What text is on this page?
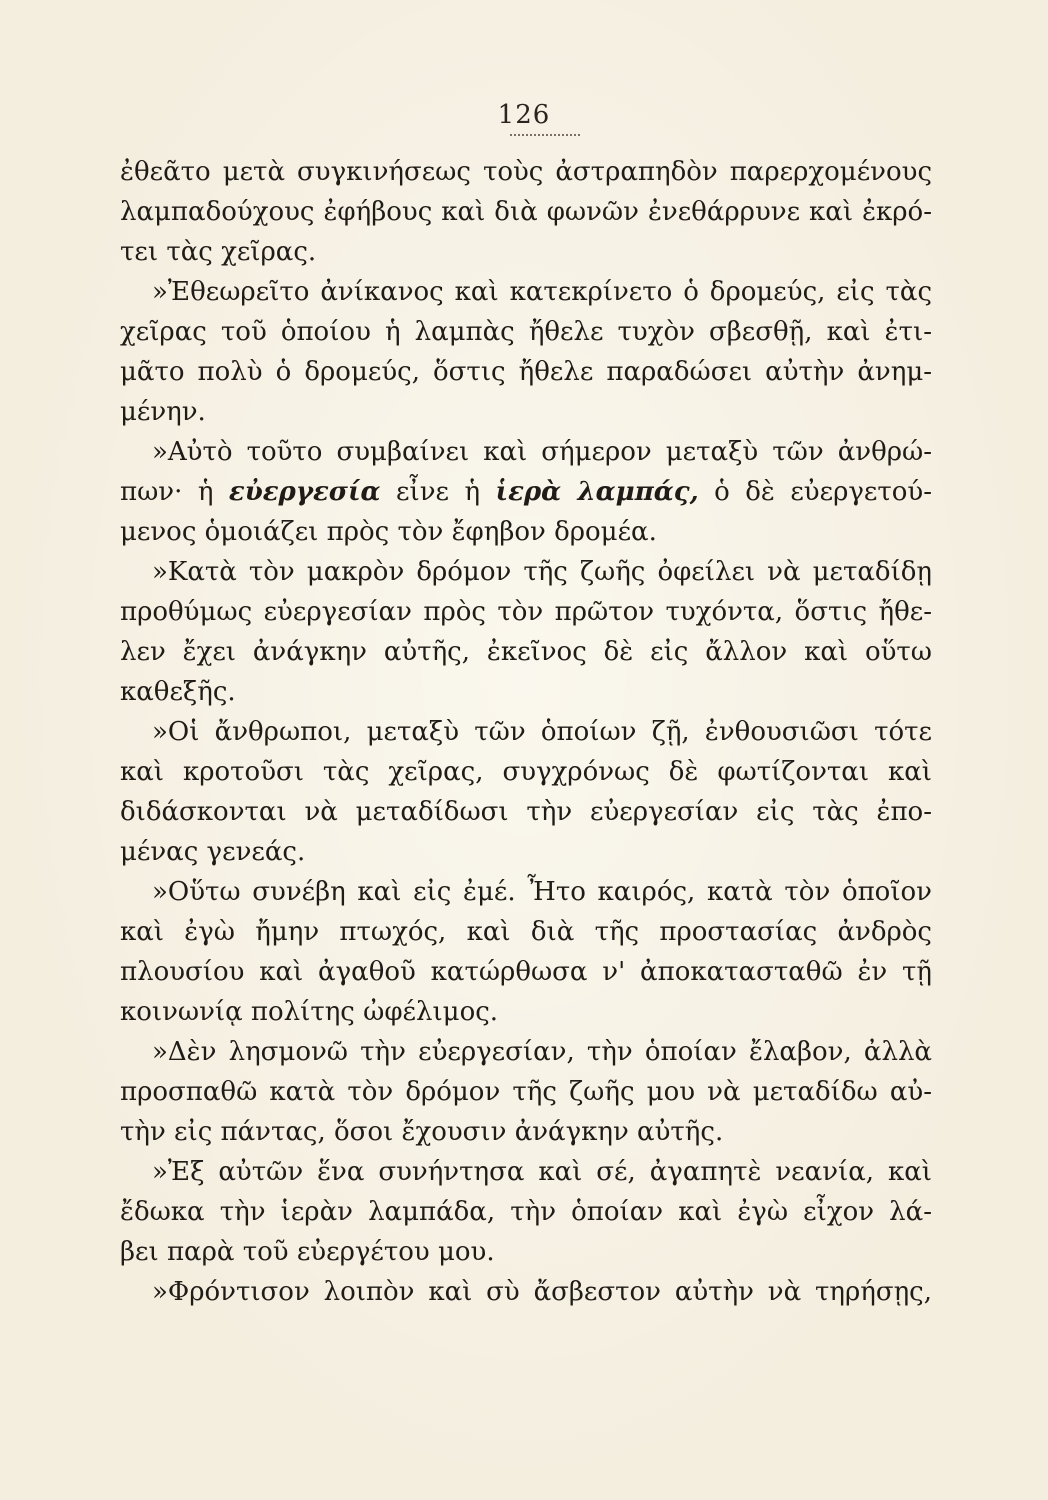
126
ἐθεᾶτο μετὰ συγκινήσεως τοὺς ἀστραπηδὸν παρερχομένους
λαμπαδούχους ἐφήβους καὶ διὰ φωνῶν ἐνεθάρρυνε καὶ ἐκρό-
τει τὰς χεῖρας.
»Ἐθεωρεῖτο ἀνίκανος καὶ κατεκρίνετο ὁ δρομεύς, εἰς τὰς
χεῖρας τοῦ ὁποίου ἡ λαμπὰς ἤθελε τυχὸν σβεσθῇ, καὶ ἐτι-
μᾶτο πολὺ ὁ δρομεύς, ὅστις ἤθελε παραδώσει αὐτὴν ἀνημ-
μένην.
»Αὐτὸ τοῦτο συμβαίνει καὶ σήμερον μεταξὺ τῶν ἀνθρώ-
πων· ἡ εὐεργεσία εἶνε ἡ ἱερὰ λαμπάς, ὁ δὲ εὐεργετού-
μενος ὁμοιάζει πρὸς τὸν ἔφηβον δρομέα.
»Κατὰ τὸν μακρὸν δρόμον τῆς ζωῆς ὀφείλει νὰ μεταδίδῃ
προθύμως εὐεργεσίαν πρὸς τὸν πρῶτον τυχόντα, ὅστις ἤθε-
λεν ἔχει ἀνάγκην αὐτῆς, ἐκεῖνος δὲ εἰς ἄλλον καὶ οὕτω
καθεξῆς.
»Οἱ ἄνθρωποι, μεταξὺ τῶν ὁποίων ζῇ, ἐνθουσιῶσι τότε
καὶ κροτοῦσι τὰς χεῖρας, συγχρόνως δὲ φωτίζονται καὶ
διδάσκονται νὰ μεταδίδωσι τὴν εὐεργεσίαν εἰς τὰς ἐπο-
μένας γενεάς.
»Οὕτω συνέβη καὶ εἰς ἐμέ. Ἦτο καιρός, κατὰ τὸν ὁποῖον
καὶ ἐγὼ ἤμην πτωχός, καὶ διὰ τῆς προστασίας ἀνδρὸς
πλουσίου καὶ ἀγαθοῦ κατώρθωσα ν' ἀποκατασταθῶ ἐν τῇ
κοινωνίᾳ πολίτης ὠφέλιμος.
»Δὲν λησμονῶ τὴν εὐεργεσίαν, τὴν ὁποίαν ἔλαβον, ἀλλὰ
προσπαθῶ κατὰ τὸν δρόμον τῆς ζωῆς μου νὰ μεταδίδω αὐ-
τὴν εἰς πάντας, ὅσοι ἔχουσιν ἀνάγκην αὐτῆς.
»Ἐξ αὐτῶν ἕνα συνήντησα καὶ σέ, ἀγαπητὲ νεανία, καὶ
ἔδωκα τὴν ἱερὰν λαμπάδα, τὴν ὁποίαν καὶ ἐγὼ εἶχον λά-
βει παρὰ τοῦ εὐεργέτου μου.
»Φρόντισον λοιπὸν καὶ σὺ ἄσβεστον αὐτὴν νὰ τηρήσῃς,
